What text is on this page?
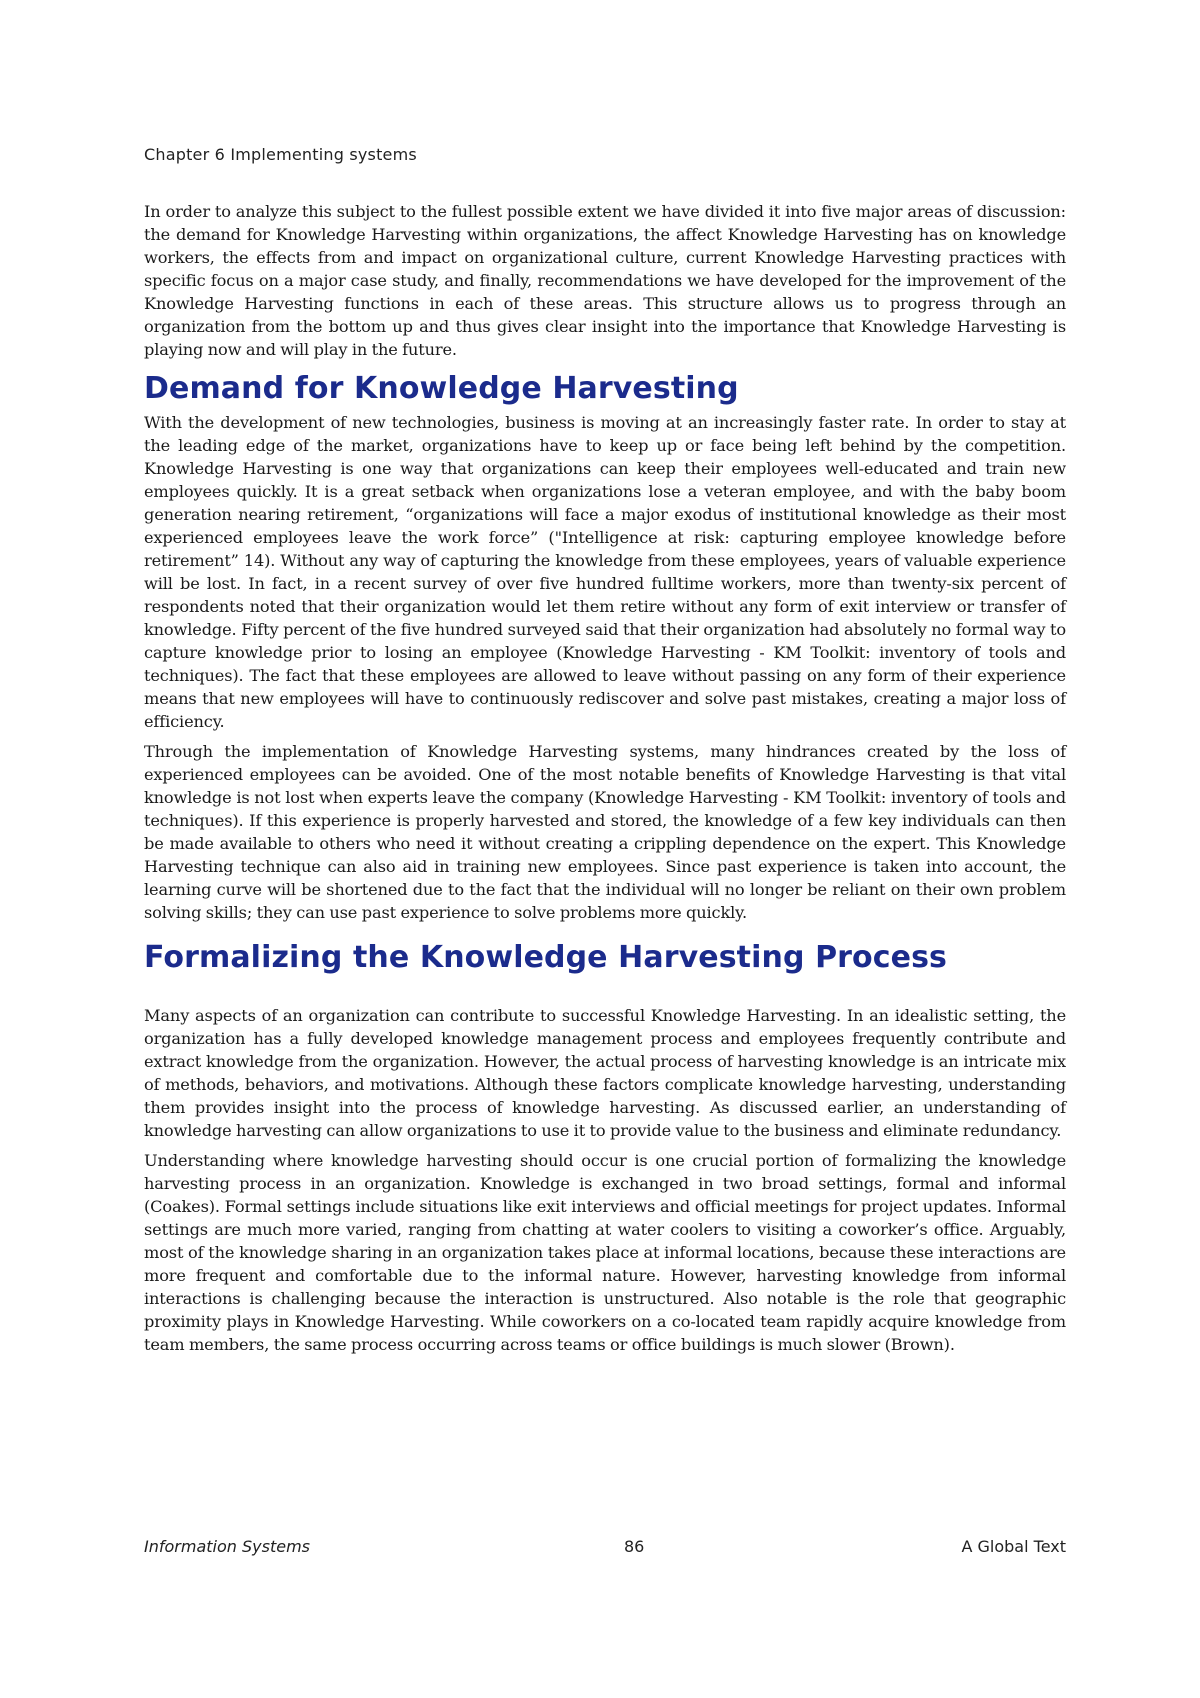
Chapter 6 Implementing systems

In order to analyze this subject to the fullest possible extent we have divided it into five major areas of discussion: the demand for Knowledge Harvesting within organizations, the affect Knowledge Harvesting has on knowledge workers, the effects from and impact on organizational culture, current Knowledge Harvesting practices with specific focus on a major case study, and finally, recommendations we have developed for the improvement of the Knowledge Harvesting functions in each of these areas. This structure allows us to progress through an organization from the bottom up and thus gives clear insight into the importance that Knowledge Harvesting is playing now and will play in the future.

Demand for Knowledge Harvesting

With the development of new technologies, business is moving at an increasingly faster rate. In order to stay at the leading edge of the market, organizations have to keep up or face being left behind by the competition. Knowledge Harvesting is one way that organizations can keep their employees well-educated and train new employees quickly. It is a great setback when organizations lose a veteran employee, and with the baby boom generation nearing retirement, “organizations will face a major exodus of institutional knowledge as their most experienced employees leave the work force” ("Intelligence at risk: capturing employee knowledge before retirement” 14). Without any way of capturing the knowledge from these employees, years of valuable experience will be lost. In fact, in a recent survey of over five hundred fulltime workers, more than twenty-six percent of respondents noted that their organization would let them retire without any form of exit interview or transfer of knowledge. Fifty percent of the five hundred surveyed said that their organization had absolutely no formal way to capture knowledge prior to losing an employee (Knowledge Harvesting - KM Toolkit: inventory of tools and techniques). The fact that these employees are allowed to leave without passing on any form of their experience means that new employees will have to continuously rediscover and solve past mistakes, creating a major loss of efficiency.

Through the implementation of Knowledge Harvesting systems, many hindrances created by the loss of experienced employees can be avoided. One of the most notable benefits of Knowledge Harvesting is that vital knowledge is not lost when experts leave the company (Knowledge Harvesting - KM Toolkit: inventory of tools and techniques). If this experience is properly harvested and stored, the knowledge of a few key individuals can then be made available to others who need it without creating a crippling dependence on the expert. This Knowledge Harvesting technique can also aid in training new employees. Since past experience is taken into account, the learning curve will be shortened due to the fact that the individual will no longer be reliant on their own problem solving skills; they can use past experience to solve problems more quickly.

Formalizing the Knowledge Harvesting Process

Many aspects of an organization can contribute to successful Knowledge Harvesting. In an idealistic setting, the organization has a fully developed knowledge management process and employees frequently contribute and extract knowledge from the organization. However, the actual process of harvesting knowledge is an intricate mix of methods, behaviors, and motivations. Although these factors complicate knowledge harvesting, understanding them provides insight into the process of knowledge harvesting. As discussed earlier, an understanding of knowledge harvesting can allow organizations to use it to provide value to the business and eliminate redundancy.

Understanding where knowledge harvesting should occur is one crucial portion of formalizing the knowledge harvesting process in an organization. Knowledge is exchanged in two broad settings, formal and informal (Coakes). Formal settings include situations like exit interviews and official meetings for project updates. Informal settings are much more varied, ranging from chatting at water coolers to visiting a coworker’s office. Arguably, most of the knowledge sharing in an organization takes place at informal locations, because these interactions are more frequent and comfortable due to the informal nature. However, harvesting knowledge from informal interactions is challenging because the interaction is unstructured. Also notable is the role that geographic proximity plays in Knowledge Harvesting. While coworkers on a co-located team rapidly acquire knowledge from team members, the same process occurring across teams or office buildings is much slower (Brown).

Information Systems	86	A Global Text
